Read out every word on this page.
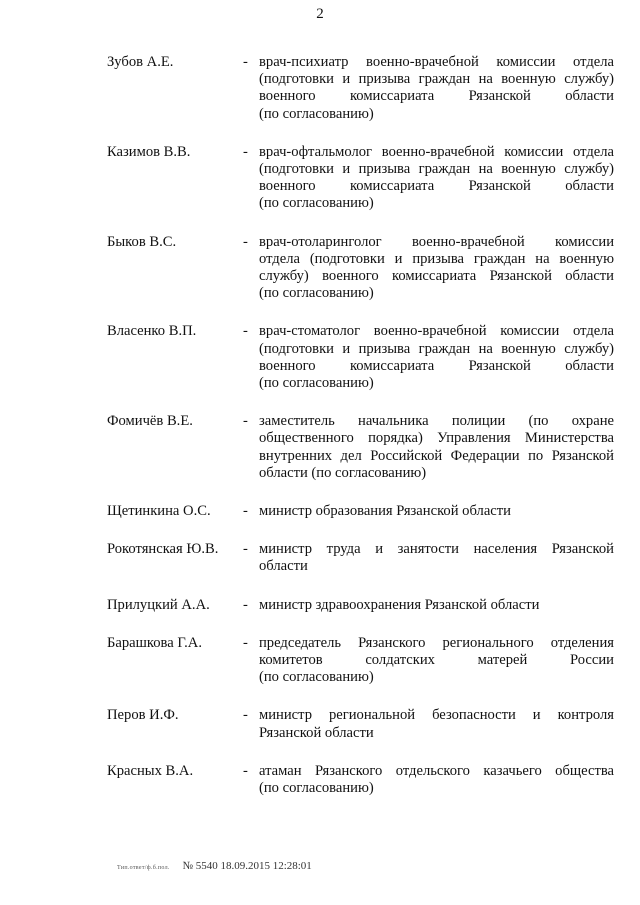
2
Зубов А.Е.	- врач-психиатр военно-врачебной комиссии отдела
(подготовки и призыва граждан на военную службу)
военного комиссариата Рязанской области
(по согласованию)
Казимов В.В.	- врач-офтальмолог военно-врачебной комиссии отдела
(подготовки и призыва граждан на военную службу)
военного комиссариата Рязанской области
(по согласованию)
Быков В.С.	- врач-отоларинголог военно-врачебной комиссии
отдела (подготовки и призыва граждан на военную
службу) военного комиссариата Рязанской области
(по согласованию)
Власенко В.П.	- врач-стоматолог военно-врачебной комиссии отдела
(подготовки и призыва граждан на военную службу)
военного комиссариата Рязанской области
(по согласованию)
Фомичёв В.Е.	- заместитель начальника полиции (по охране
общественного порядка) Управления Министерства
внутренних дел Российской Федерации по Рязанской
области (по согласованию)
Щетинкина О.С.	- министр образования Рязанской области
Рокотянская Ю.В.	- министр труда и занятости населения Рязанской
области
Прилуцкий А.А.	- министр здравоохранения Рязанской области
Барашкова Г.А.	- председатель Рязанского регионального отделения
комитетов солдатских матерей России
(по согласованию)
Перов И.Ф.	- министр региональной безопасности и контроля
Рязанской области
Красных В.А.	- атаман Рязанского отдельского казачьего общества
(по согласованию)
Тип.ответ/ф.б.пол. № 5540 18.09.2015 12:28:01
